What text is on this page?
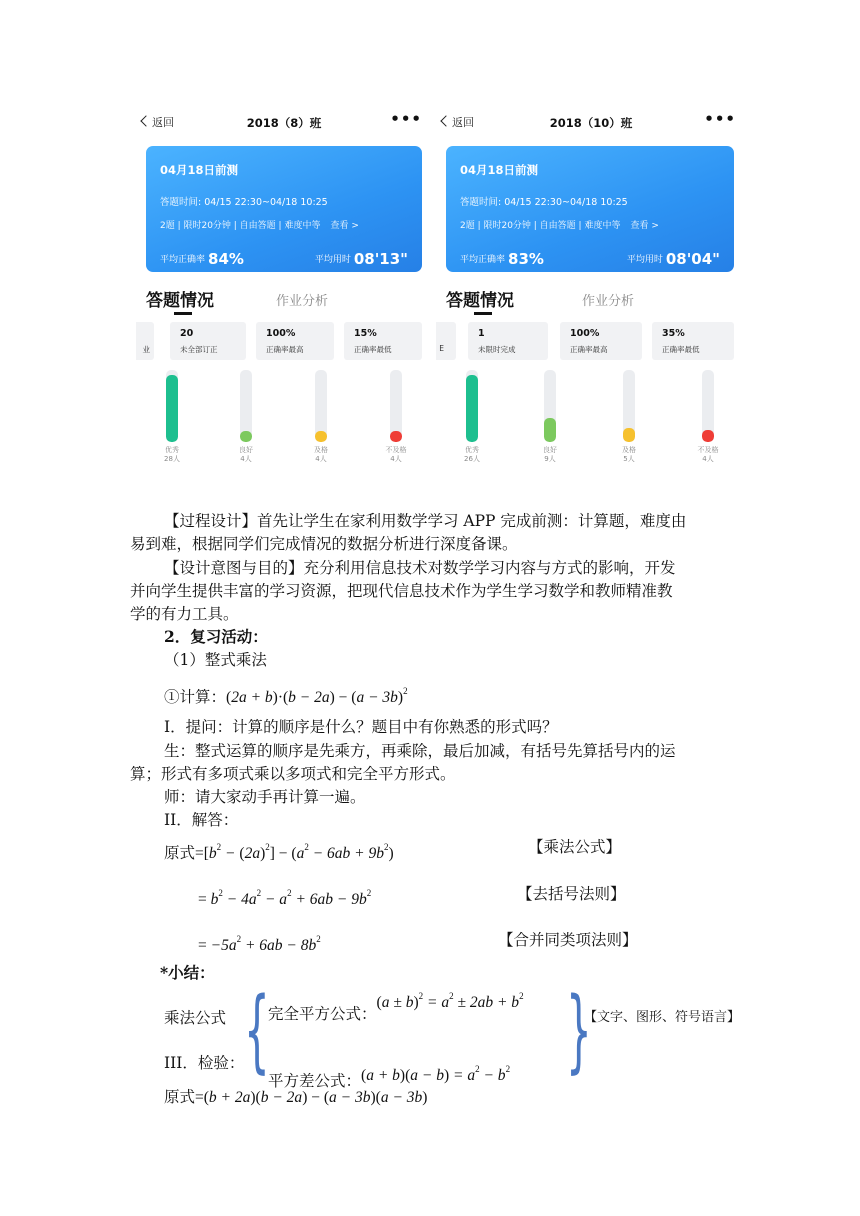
返回	2018（8）班	•••
04月18日前测
答题时间: 04/15 22:30~04/18 10:25
2题 | 限时20分钟 | 自由答题 | 难度中等 查看 >
平均正确率 84%	平均用时 08'13"
答题情况	作业分析
业
20
未全部订正
100%
正确率最高
15%
正确率最低
优秀
28人
良好
4人
及格
4人
不及格
4人
返回	2018（10）班	•••
04月18日前测
答题时间: 04/15 22:30~04/18 10:25
2题 | 限时20分钟 | 自由答题 | 难度中等 查看 >
平均正确率 83%	平均用时 08'04"
答题情况	作业分析
E
1
未限时完成
100%
正确率最高
35%
正确率最低
优秀
26人
良好
9人
及格
5人
不及格
4人
【过程设计】首先让学生在家利用数学学习 APP 完成前测：计算题，难度由
易到难，根据同学们完成情况的数据分析进行深度备课。
【设计意图与目的】充分利用信息技术对数学学习内容与方式的影响，开发
并向学生提供丰富的学习资源，把现代信息技术作为学生学习数学和教师精准教
学的有力工具。
2．复习活动：
（1）整式乘法
①计算：$(2a + b)\cdot(b - 2a) - (a - 3b)^2$
I．提问：计算的顺序是什么？题目中有你熟悉的形式吗？
生：整式运算的顺序是先乘方，再乘除，最后加减，有括号先算括号内的运
算；形式有多项式乘以多项式和完全平方形式。
师：请大家动手再计算一遍。
II．解答：
原式$=[b^2 - (2a)^2] - (a^2 - 6ab + 9b^2)$	【乘法公式】
= $b^2 - 4a^2 - a^2 + 6ab - 9b^2$	【去括号法则】
= $-5a^2 + 6ab - 8b^2$	【合并同类项法则】
*小结：
乘法公式 {
完全平方公式：$(a \pm b)^2 = a^2 \pm 2ab + b^2$ }
【文字、图形、符号语言】
III．检验：
平方差公式：$(a + b)(a - b) = a^2 - b^2$
原式=(b + 2a)(b − 2a) − (a − 3b)(a − 3b)
